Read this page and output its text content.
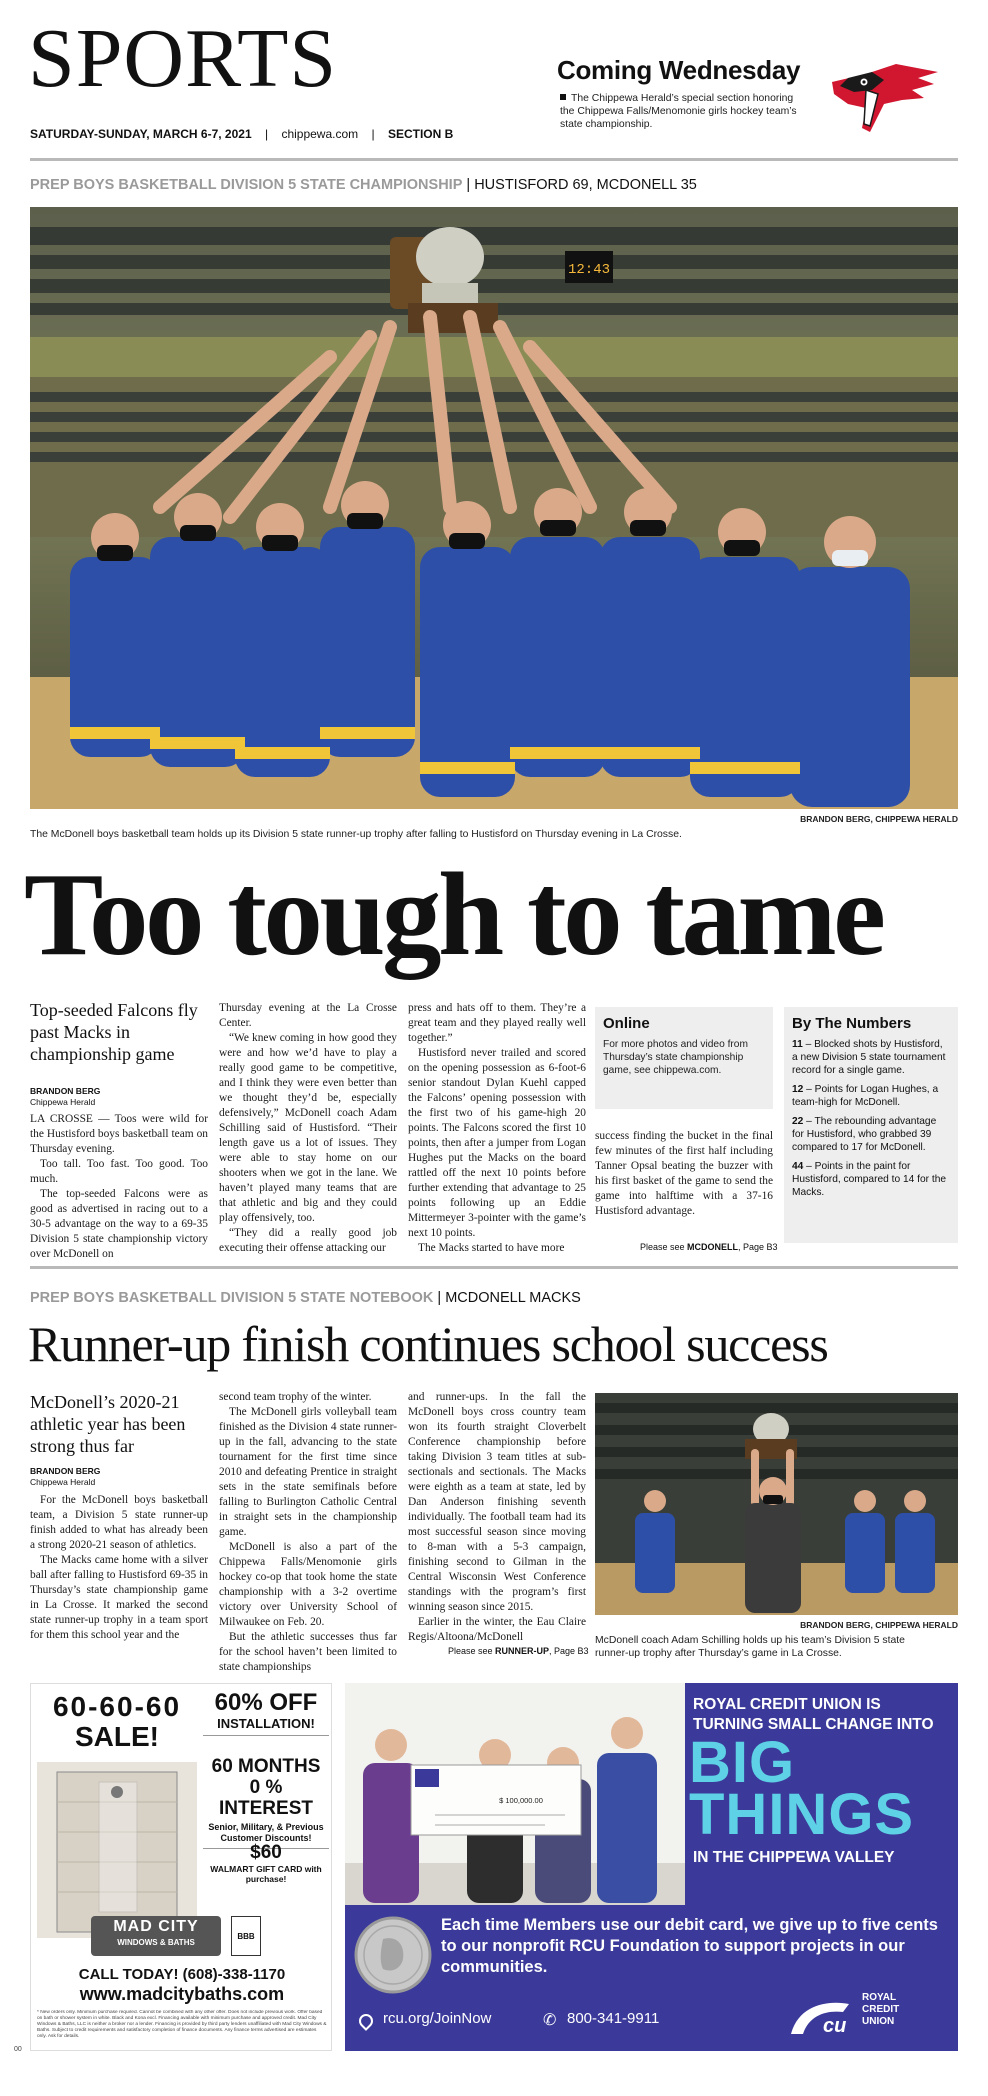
SPORTS
SATURDAY-SUNDAY, MARCH 6-7, 2021 | chippewa.com | SECTION B
Coming Wednesday
The Chippewa Herald’s special section honoring the Chippewa Falls/Menomonie girls hockey team’s state championship.
PREP BOYS BASKETBALL DIVISION 5 STATE CHAMPIONSHIP | HUSTISFORD 69, MCDONELL 35
12:43
BRANDON BERG, CHIPPEWA HERALD
The McDonell boys basketball team holds up its Division 5 state runner-up trophy after falling to Hustisford on Thursday evening in La Crosse.
Too tough to tame
Top-seeded Falcons fly past Macks in championship game
BRANDON BERG
Chippewa Herald

LA CROSSE — Toos were wild for the Hustisford boys basketball team on Thursday evening.

Too tall. Too fast. Too good. Too much.

The top-seeded Falcons were as good as advertised in racing out to a 30-5 advantage on the way to a 69-35 Division 5 state championship victory over McDonell on

Thursday evening at the La Crosse Center.

“We knew coming in how good they were and how we’d have to play a really good game to be competitive, and I think they were even better than we thought they’d be, especially defensively,” McDonell coach Adam Schilling said of Hustisford. “Their length gave us a lot of issues. They were able to stay home on our shooters when we got in the lane. We haven’t played many teams that are that athletic and big and they could play offensively, too.

“They did a really good job executing their offense attacking our

press and hats off to them. They’re a great team and they played really well together.”

Hustisford never trailed and scored on the opening possession as 6-foot-6 senior standout Dylan Kuehl capped the Falcons’ opening possession with the first two of his game-high 20 points. The Falcons scored the first 10 points, then after a jumper from Logan Hughes put the Macks on the board rattled off the next 10 points before further extending that advantage to 25 points following up an Eddie Mittermeyer 3-pointer with the game’s next 10 points.

The Macks started to have more

Online
For more photos and video from Thursday’s state championship game, see chippewa.com.

success finding the bucket in the final few minutes of the first half including Tanner Opsal beating the buzzer with his first basket of the game to send the game into halftime with a 37-16 Hustisford advantage.

Please see MCDONELL, Page B3
By The Numbers
11 – Blocked shots by Hustisford, a new Division 5 state tournament record for a single game.
12 – Points for Logan Hughes, a team-high for McDonell.
22 – The rebounding advantage for Hustisford, who grabbed 39 compared to 17 for McDonell.
44 – Points in the paint for Hustisford, compared to 14 for the Macks.
PREP BOYS BASKETBALL DIVISION 5 STATE NOTEBOOK | MCDONELL MACKS
Runner-up finish continues school success
McDonell’s 2020-21 athletic year has been strong thus far
BRANDON BERG
Chippewa Herald

For the McDonell boys basketball team, a Division 5 state runner-up finish added to what has already been a strong 2020-21 season of athletics.

The Macks came home with a silver ball after falling to Hustisford 69-35 in Thursday’s state championship game in La Crosse. It marked the second state runner-up trophy in a team sport for them this school year and the

second team trophy of the winter.

The McDonell girls volleyball team finished as the Division 4 state runner-up in the fall, advancing to the state tournament for the first time since 2010 and defeating Prentice in straight sets in the state semifinals before falling to Burlington Catholic Central in straight sets in the championship game.

McDonell is also a part of the Chippewa Falls/Menomonie girls hockey co-op that took home the state championship with a 3-2 overtime victory over University School of Milwaukee on Feb. 20.

But the athletic successes thus far for the school haven’t been limited to state championships

and runner-ups. In the fall the McDonell boys cross country team won its fourth straight Cloverbelt Conference championship before taking Division 3 team titles at sub-sectionals and sectionals. The Macks were eighth as a team at state, led by Dan Anderson finishing seventh individually. The football team had its most successful season since moving to 8-man with a 5-3 campaign, finishing second to Gilman in the Central Wisconsin West Conference standings with the program’s first winning season since 2015.

Earlier in the winter, the Eau Claire Regis/Altoona/McDonell

Please see RUNNER-UP, Page B3
BRANDON BERG, CHIPPEWA HERALD
McDonell coach Adam Schilling holds up his team’s Division 5 state runner-up trophy after Thursday’s game in La Crosse.
60-60-60
SALE!
60% OFF
INSTALLATION!
60 MONTHS
0 % INTEREST
Senior, Military, & Previous Customer Discounts!
$60
WALMART GIFT CARD with purchase!
MAD CITY
WINDOWS & BATHS
BBB
CALL TODAY! (608)-338-1170
www.madcitybaths.com
* New orders only. Minimum purchase required. Cannot be combined with any other offer. Does not include previous work. Offer based on bath or shower system in white. Black and Kona excl. Financing available with minimum purchase and approved credit. Mad City Windows & Baths, LLC is neither a broker nor a lender. Financing is provided by third party lenders unaffiliated with Mad City Windows & Baths. Subject to credit requirements and satisfactory completion of finance documents. Any finance terms advertised are estimates only. Ask for details.
00
$ 100,000.00
ROYAL CREDIT UNION IS
TURNING SMALL CHANGE INTO
BIG
THINGS
IN THE CHIPPEWA VALLEY
Each time Members use our debit card, we give up to five cents to our nonprofit RCU Foundation to support projects in our communities.
rcu.org/JoinNow	✆ 800-341-9911	cu
ROYAL
CREDIT
UNION
